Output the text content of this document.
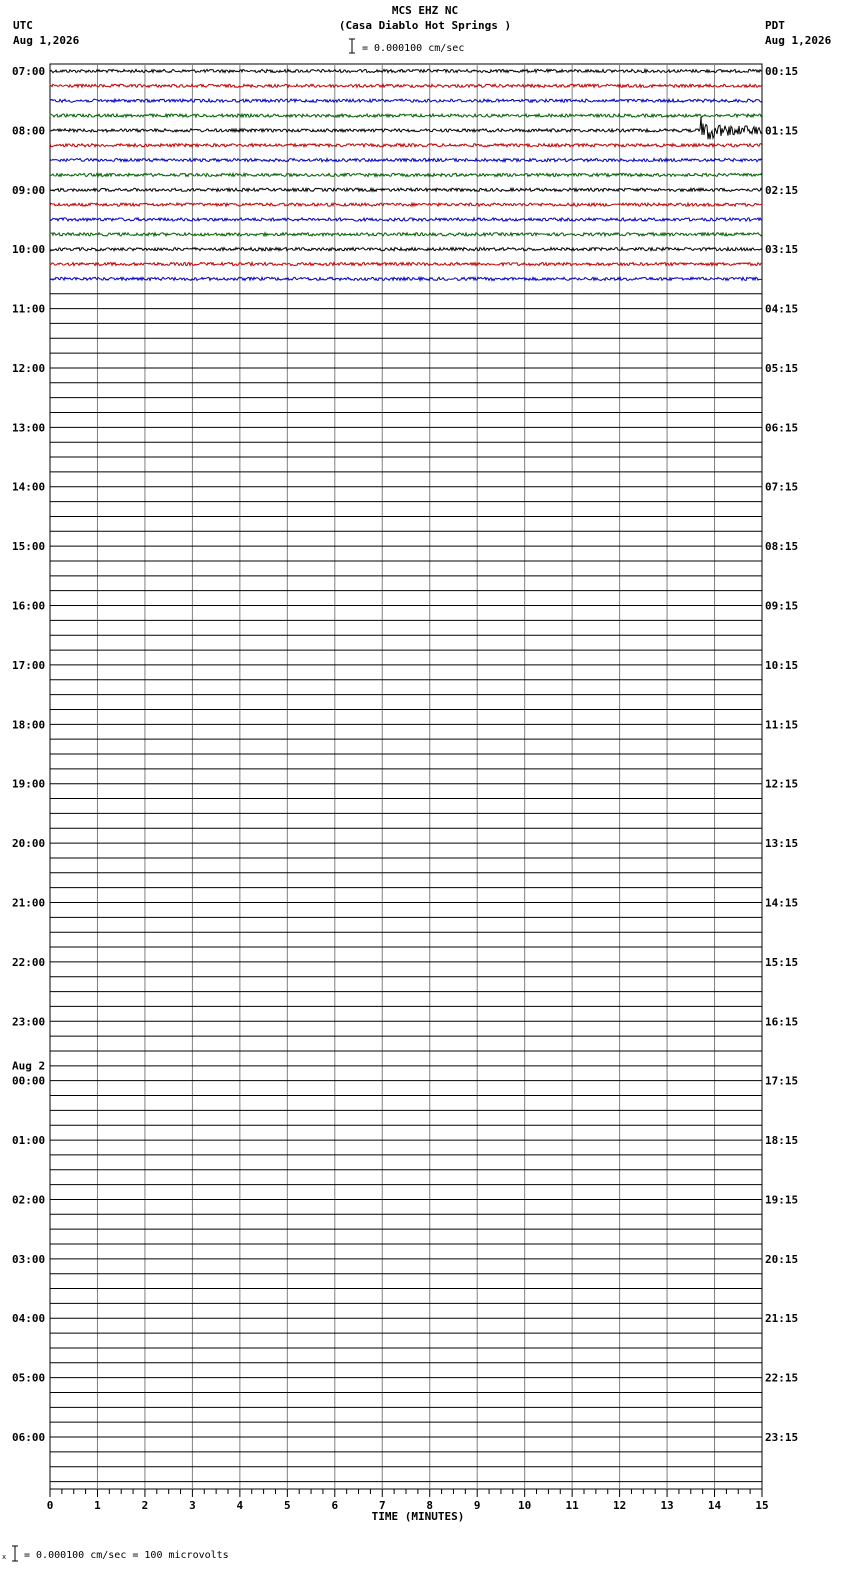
MCS EHZ NC
(Casa Diablo Hot Springs )
UTC
Aug 1,2026
PDT
Aug 1,2026
= 0.000100 cm/sec
0	1	2	3	4	5	6	7	8	9	10	11	12	13	14	15
07:00	00:15
08:00	01:15
09:00	02:15
10:00	03:15
11:00	04:15
12:00	05:15
13:00	06:15
14:00	07:15
15:00	08:15
16:00	09:15
17:00	10:15
18:00	11:15
19:00	12:15
20:00	13:15
21:00	14:15
22:00	15:15
23:00	16:15
00:00	17:15
Aug 2
01:00	18:15
02:00	19:15
03:00	20:15
04:00	21:15
05:00	22:15
06:00	23:15
TIME (MINUTES)
x = 0.000100 cm/sec = 100 microvolts
